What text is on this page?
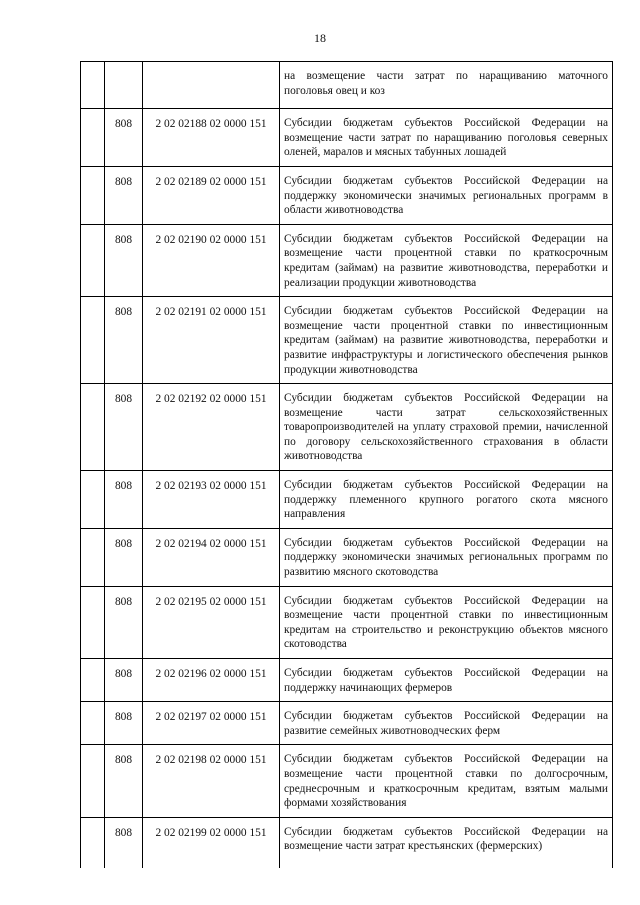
18

			на возмещение части затрат по наращиванию маточного поголовья овец и коз

	808	2 02 02188 02 0000 151	Субсидии бюджетам субъектов Российской Федерации на возмещение части затрат по наращиванию поголовья северных оленей, маралов и мясных табунных лошадей

	808	2 02 02189 02 0000 151	Субсидии бюджетам субъектов Российской Федерации на поддержку экономически значимых региональных программ в области животноводства

	808	2 02 02190 02 0000 151	Субсидии бюджетам субъектов Российской Федерации на возмещение части процентной ставки по краткосрочным кредитам (займам) на развитие животноводства, переработки и реализации продукции животноводства

	808	2 02 02191 02 0000 151	Субсидии бюджетам субъектов Российской Федерации на возмещение части процентной ставки по инвестиционным кредитам (займам) на развитие животноводства, переработки и развитие инфраструктуры и логистического обеспечения рынков продукции животноводства

	808	2 02 02192 02 0000 151	Субсидии бюджетам субъектов Российской Федерации на возмещение части затрат сельскохозяйственных товаропроизводителей на уплату страховой премии, начисленной по договору сельскохозяйственного страхования в области животноводства

	808	2 02 02193 02 0000 151	Субсидии бюджетам субъектов Российской Федерации на поддержку племенного крупного рогатого скота мясного направления

	808	2 02 02194 02 0000 151	Субсидии бюджетам субъектов Российской Федерации на поддержку экономически значимых региональных программ по развитию мясного скотоводства

	808	2 02 02195 02 0000 151	Субсидии бюджетам субъектов Российской Федерации на возмещение части процентной ставки по инвестиционным кредитам на строительство и реконструкцию объектов мясного скотоводства

	808	2 02 02196 02 0000 151	Субсидии бюджетам субъектов Российской Федерации на поддержку начинающих фермеров

	808	2 02 02197 02 0000 151	Субсидии бюджетам субъектов Российской Федерации на развитие семейных животноводческих ферм

	808	2 02 02198 02 0000 151	Субсидии бюджетам субъектов Российской Федерации на возмещение части процентной ставки по долгосрочным, среднесрочным и краткосрочным кредитам, взятым малыми формами хозяйствования

	808	2 02 02199 02 0000 151	Субсидии бюджетам субъектов Российской Федерации на возмещение части затрат крестьянских (фермерских)
